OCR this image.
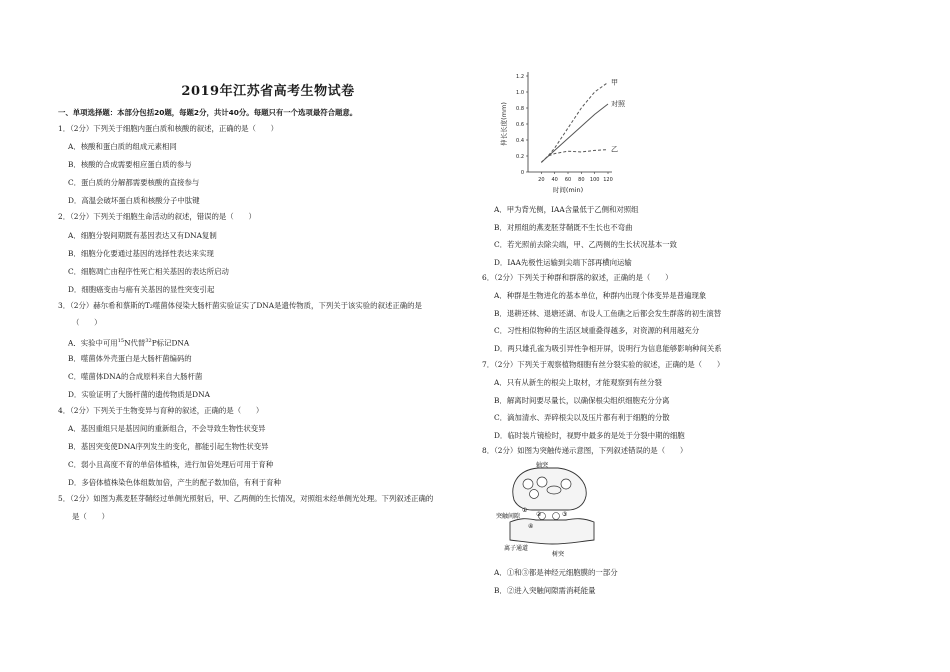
2019年江苏省高考生物试卷
一、单项选择题：本部分包括20题，每题2分，共计40分。每题只有一个选项最符合题意。
1．（2分）下列关于细胞内蛋白质和核酸的叙述，正确的是（　　）
A．核酸和蛋白质的组成元素相同
B．核酸的合成需要相应蛋白质的参与
C．蛋白质的分解都需要核酸的直接参与
D．高温会破坏蛋白质和核酸分子中肽键
2．（2分）下列关于细胞生命活动的叙述，错误的是（　　）
A．细胞分裂间期既有基因表达又有DNA复制
B．细胞分化要通过基因的选择性表达来实现
C．细胞凋亡由程序性死亡相关基因的表达所启动
D．细胞癌变由与癌有关基因的显性突变引起
3．（2分）赫尔希和蔡斯的T₂噬菌体侵染大肠杆菌实验证实了DNA是遗传物质，下列关于该实验的叙述正确的是
（　　）
A．实验中可用$^{15}$N代替$^{32}$P标记DNA
B．噬菌体外壳蛋白是大肠杆菌编码的
C．噬菌体DNA的合成原料来自大肠杆菌
D．实验证明了大肠杆菌的遗传物质是DNA
4．（2分）下列关于生物变异与育种的叙述，正确的是（　　）
A．基因重组只是基因间的重新组合，不会导致生物性状变异
B．基因突变使DNA序列发生的变化，都能引起生物性状变异
C．弱小且高度不育的单倍体植株，进行加倍处理后可用于育种
D．多倍体植株染色体组数加倍，产生的配子数加倍，有利于育种
5．（2分）如图为燕麦胚芽鞘经过单侧光照射后，甲、乙两侧的生长情况，对照组未经单侧光处理。下列叙述正确的
是（　　）
0
0.2
0.4
0.6
0.8
1.0
1.2
20 40 60 80 100 120
时间(min)
伸长长度(mm)
甲
对照
乙
A．甲为背光侧，IAA含量低于乙侧和对照组
B．对照组的燕麦胚芽鞘既不生长也不弯曲
C．若光照前去除尖端，甲、乙两侧的生长状况基本一致
D．IAA先极性运输到尖端下部再横向运输
6．（2分）下列关于种群和群落的叙述，正确的是（　　）
A．种群是生物进化的基本单位，种群内出现个体变异是普遍现象
B．退耕还林、退塘还湖、布设人工鱼礁之后都会发生群落的初生演替
C．习性相似物种的生活区域重叠得越多，对资源的利用越充分
D．两只雄孔雀为吸引异性争相开屏，说明行为信息能够影响种间关系
7．（2分）下列关于观察植物细胞有丝分裂实验的叙述，正确的是（　　）
A．只有从新生的根尖上取材，才能观察到有丝分裂
B．解离时间要尽量长，以确保根尖组织细胞充分分离
C．滴加清水、弄碎根尖以及压片都有利于细胞的分散
D．临时装片镜检时，视野中最多的是处于分裂中期的细胞
8．（2分）如图为突触传递示意图，下列叙述错误的是（　　）
轴突
突触间隙
离子通道
树突
①
②	③
④
A．①和③都是神经元细胞膜的一部分
B．②进入突触间隙需消耗能量
